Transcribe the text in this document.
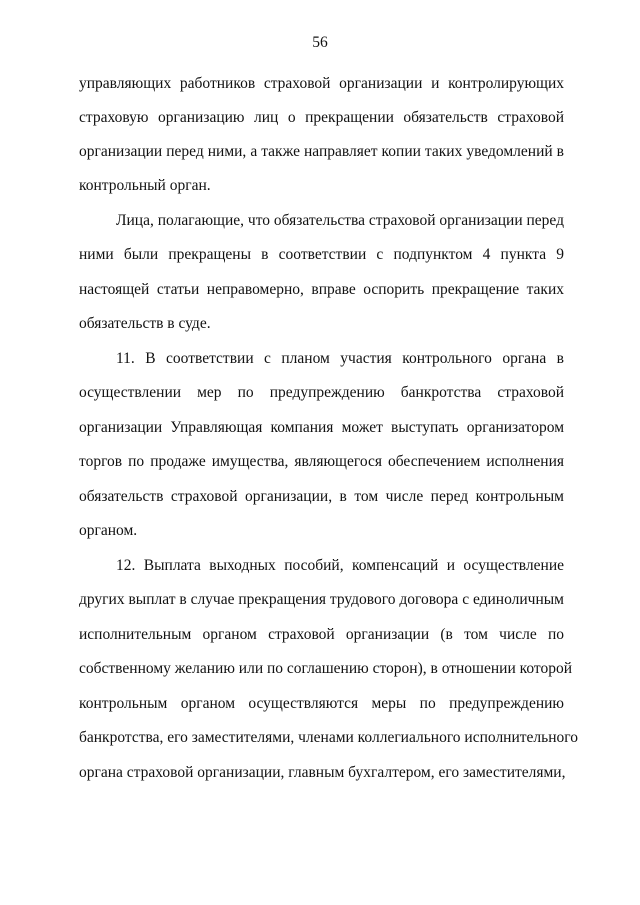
56
управляющих работников страховой организации и контролирующих
страховую организацию лиц о прекращении обязательств страховой
организации перед ними, а также направляет копии таких уведомлений в
контрольный орган.
Лица, полагающие, что обязательства страховой организации перед
ними были прекращены в соответствии с подпунктом 4 пункта 9
настоящей статьи неправомерно, вправе оспорить прекращение таких
обязательств в суде.
11. В соответствии с планом участия контрольного органа в
осуществлении мер по предупреждению банкротства страховой
организации Управляющая компания может выступать организатором
торгов по продаже имущества, являющегося обеспечением исполнения
обязательств страховой организации, в том числе перед контрольным
органом.
12. Выплата выходных пособий, компенсаций и осуществление
других выплат в случае прекращения трудового договора с единоличным
исполнительным органом страховой организации (в том числе по
собственному желанию или по соглашению сторон), в отношении которой
контрольным органом осуществляются меры по предупреждению
банкротства, его заместителями, членами коллегиального исполнительного
органа страховой организации, главным бухгалтером, его заместителями,
